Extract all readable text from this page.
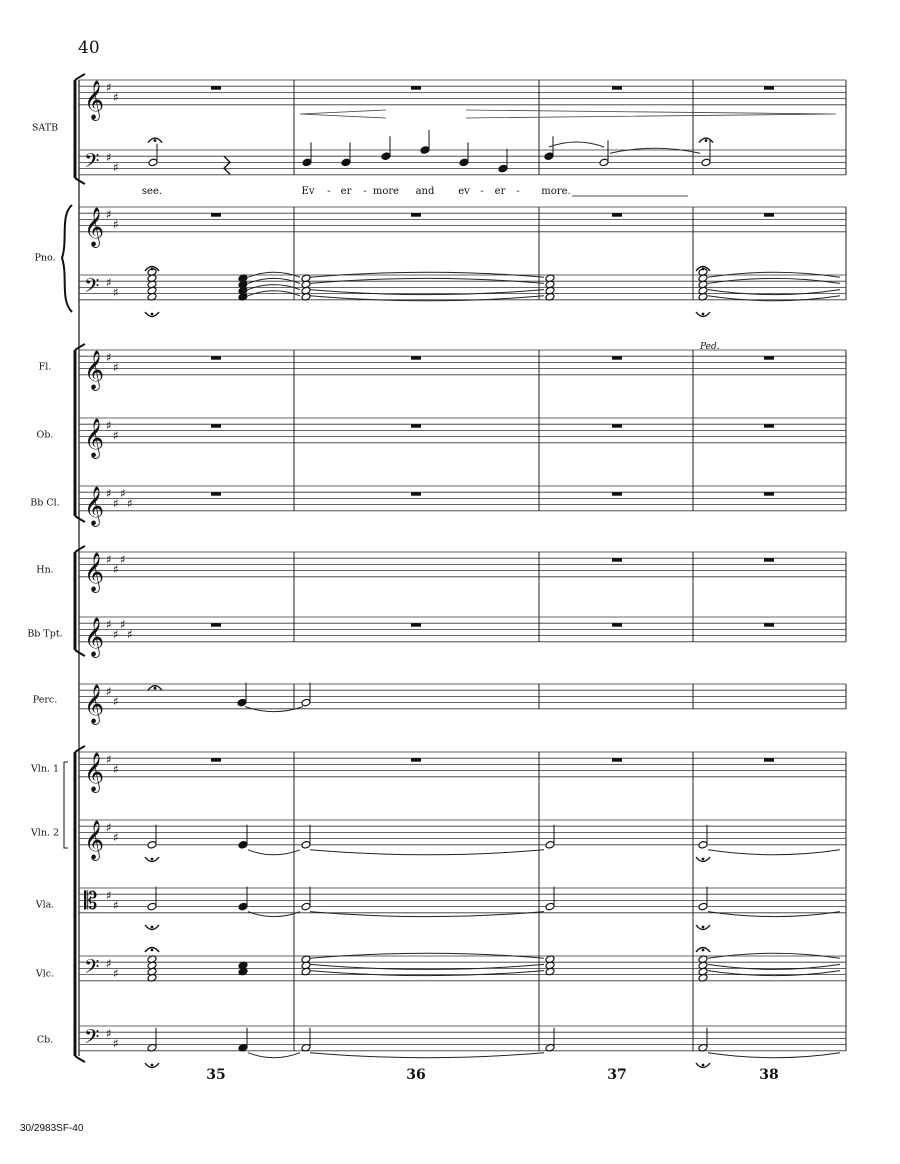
40
30/2983SF-40
SATB
Pno.
Fl.
Ob.
Bb Cl.
Hn.
Bb Tpt.
Perc.
Vln. 1
Vln. 2
Vla.
Vlc.
Cb.
see.	Ev - er - more and ev - er - more.
35	36	37	38
Ped.
𝄞 ♯
♯
𝄢 ♯
♯
𝄞 ♯
♯
𝄢 ♯
♯
𝄞 ♯
♯
𝄞 ♯
♯
𝄞 ♯
♯
♯
♯
𝄞 ♯
♯
♯
𝄞 ♯
♯
♯
♯
𝄞 ♯
♯
𝄞 ♯
♯
𝄞 ♯
♯
𝄡 ♯
♯
𝄢 ♯
♯
𝄢 ♯
♯
